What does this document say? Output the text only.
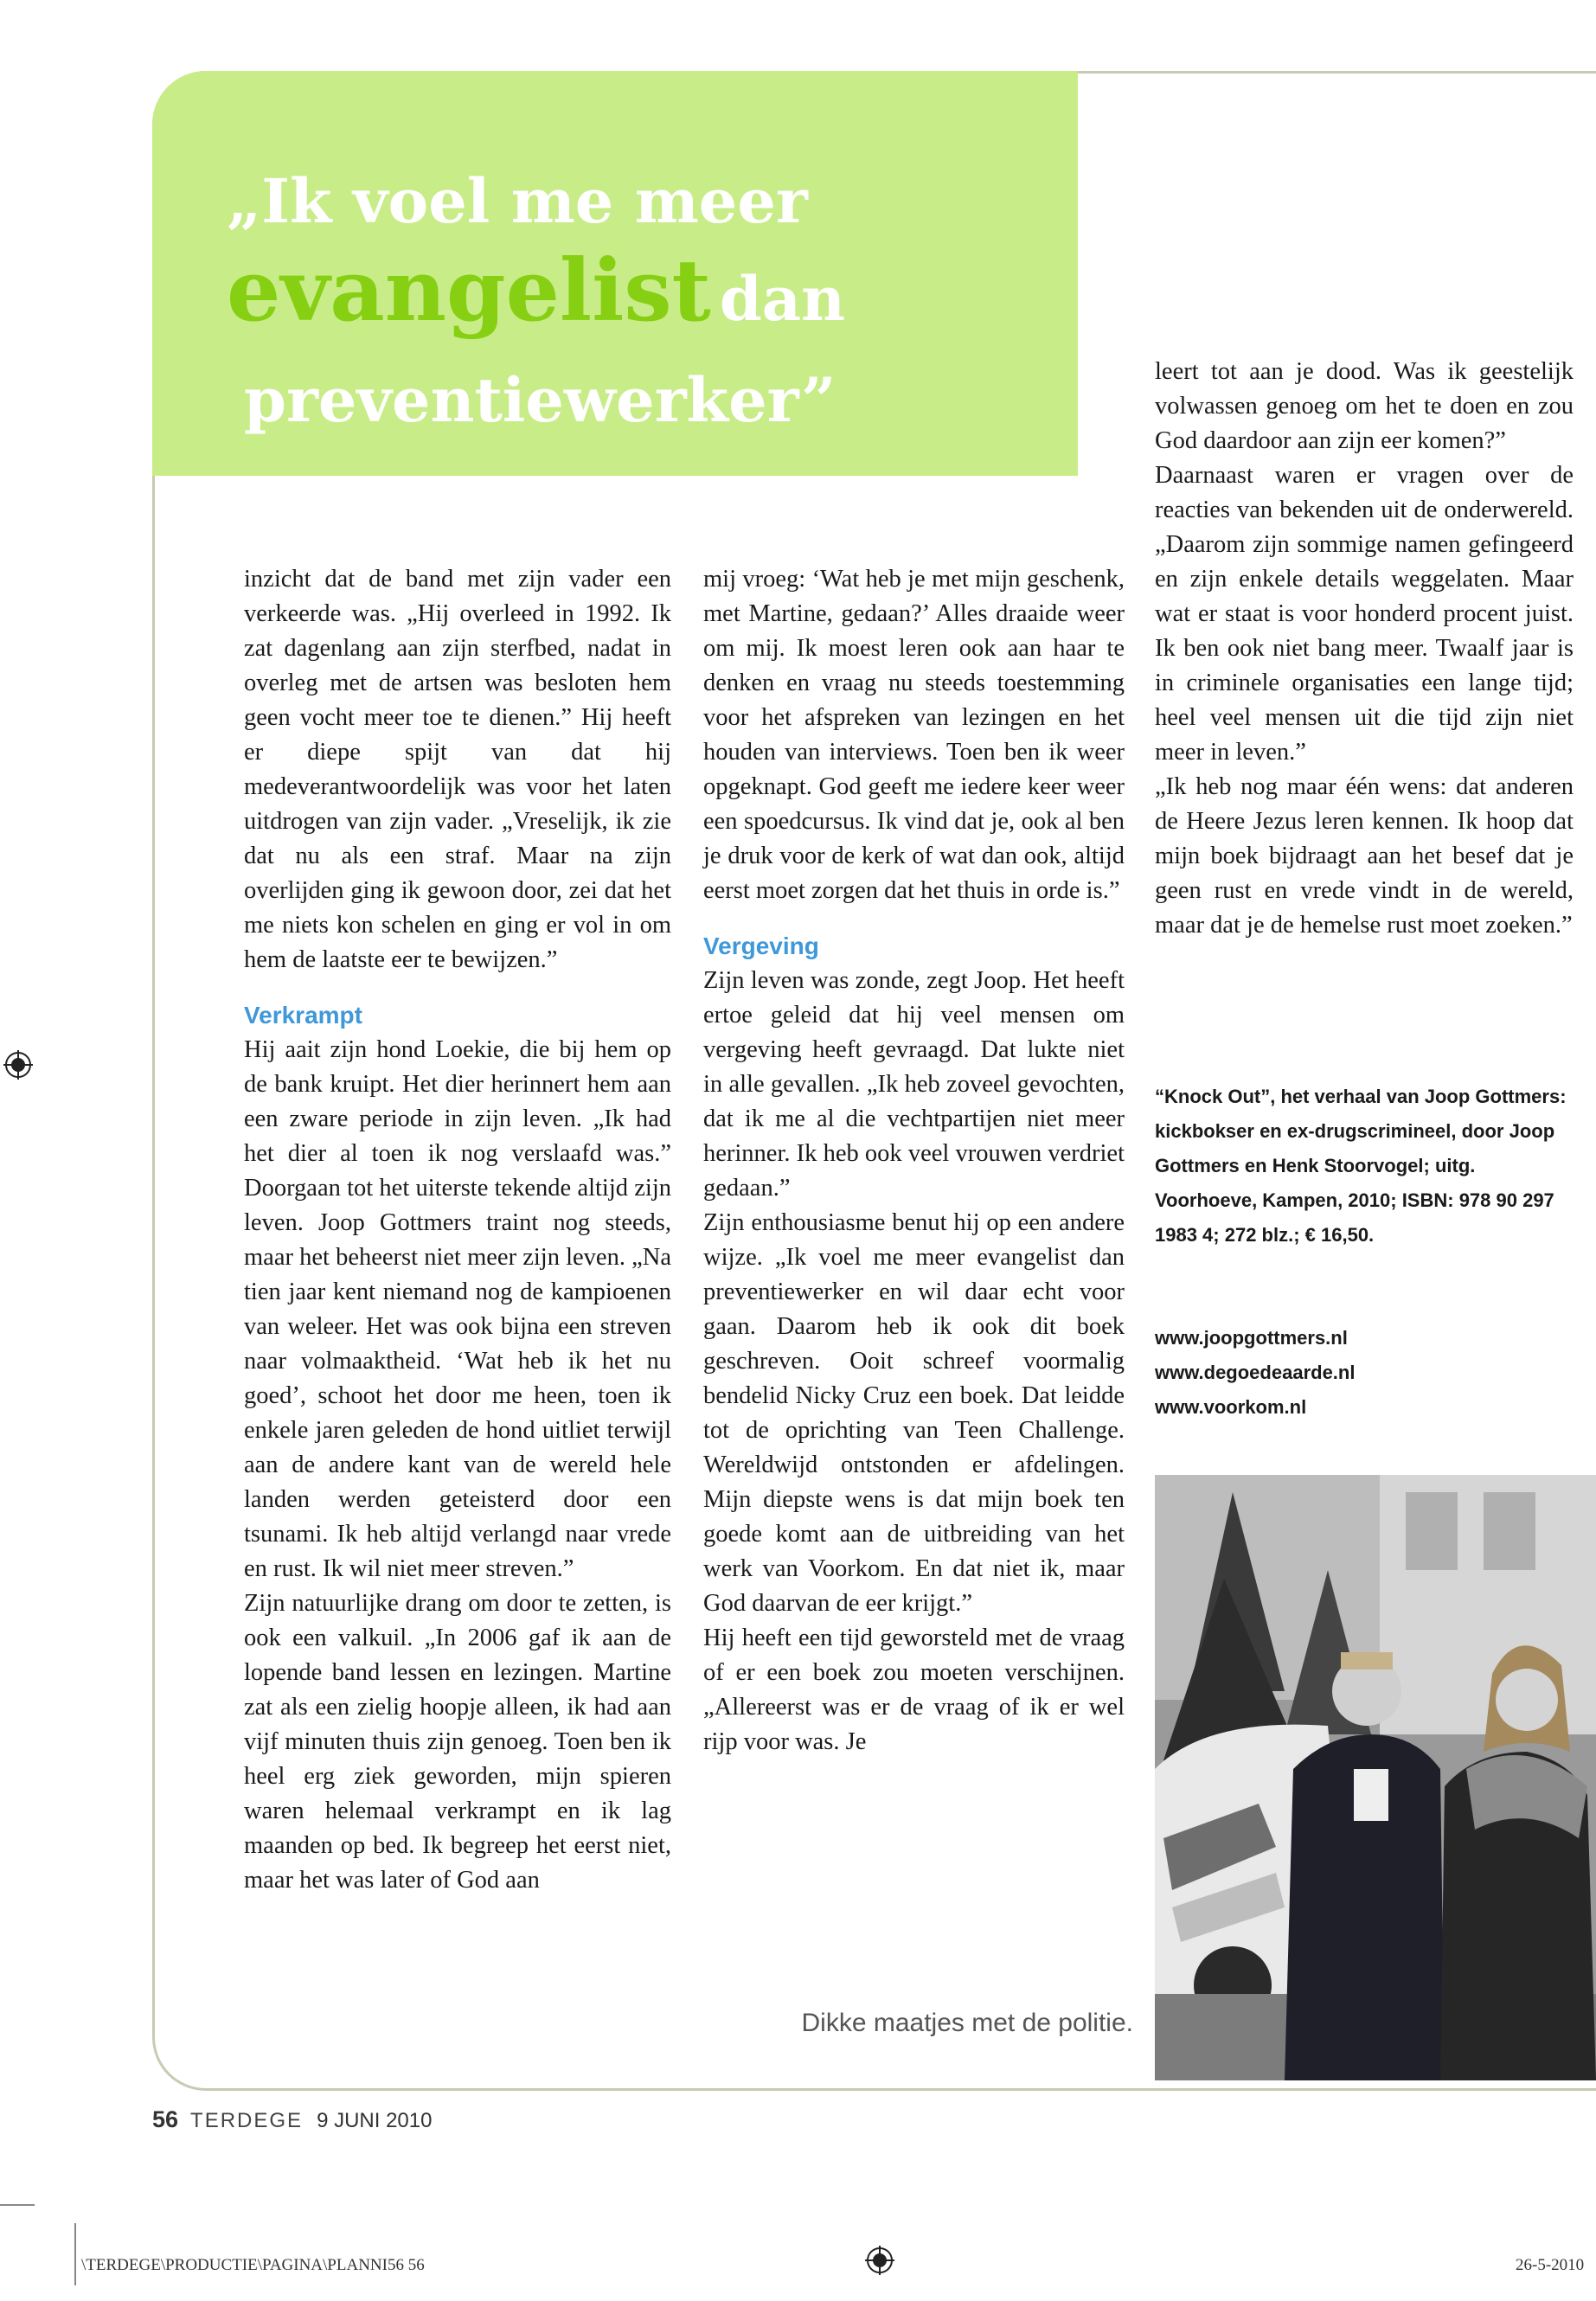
„Ik voel me meer
evangelist dan
preventiewerker”

inzicht dat de band met zijn vader een verkeerde was. „Hij overleed in 1992. Ik zat dagenlang aan zijn sterfbed, nadat in overleg met de artsen was besloten hem geen vocht meer toe te dienen.” Hij heeft er diepe spijt van dat hij medeverantwoordelijk was voor het laten uitdrogen van zijn vader. „Vreselijk, ik zie dat nu als een straf. Maar na zijn overlijden ging ik gewoon door, zei dat het me niets kon schelen en ging er vol in om hem de laatste eer te bewijzen.”

Verkrampt

Hij aait zijn hond Loekie, die bij hem op de bank kruipt. Het dier herinnert hem aan een zware periode in zijn leven. „Ik had het dier al toen ik nog verslaafd was.” Doorgaan tot het uiterste tekende altijd zijn leven. Joop Gottmers traint nog steeds, maar het beheerst niet meer zijn leven. „Na tien jaar kent niemand nog de kampioenen van weleer. Het was ook bijna een streven naar volmaaktheid. ‘Wat heb ik het nu goed’, schoot het door me heen, toen ik enkele jaren geleden de hond uitliet terwijl aan de andere kant van de wereld hele landen werden geteisterd door een tsunami. Ik heb altijd verlangd naar vrede en rust. Ik wil niet meer streven.”

Zijn natuurlijke drang om door te zetten, is ook een valkuil. „In 2006 gaf ik aan de lopende band lessen en lezingen. Martine zat als een zielig hoopje alleen, ik had aan vijf minuten thuis zijn genoeg. Toen ben ik heel erg ziek geworden, mijn spieren waren helemaal verkrampt en ik lag maanden op bed. Ik begreep het eerst niet, maar het was later of God aan

mij vroeg: ‘Wat heb je met mijn geschenk, met Martine, gedaan?’ Alles draaide weer om mij. Ik moest leren ook aan haar te denken en vraag nu steeds toestemming voor het afspreken van lezingen en het houden van interviews. Toen ben ik weer opgeknapt. God geeft me iedere keer weer een spoedcursus. Ik vind dat je, ook al ben je druk voor de kerk of wat dan ook, altijd eerst moet zorgen dat het thuis in orde is.”

Vergeving

Zijn leven was zonde, zegt Joop. Het heeft ertoe geleid dat hij veel mensen om vergeving heeft gevraagd. Dat lukte niet in alle gevallen. „Ik heb zoveel gevochten, dat ik me al die vechtpartijen niet meer herinner. Ik heb ook veel vrouwen verdriet gedaan.”

Zijn enthousiasme benut hij op een andere wijze. „Ik voel me meer evangelist dan preventiewerker en wil daar echt voor gaan. Daarom heb ik ook dit boek geschreven. Ooit schreef voormalig bendelid Nicky Cruz een boek. Dat leidde tot de oprichting van Teen Challenge. Wereldwijd ontstonden er afdelingen. Mijn diepste wens is dat mijn boek ten goede komt aan de uitbreiding van het werk van Voorkom. En dat niet ik, maar God daarvan de eer krijgt.”

Hij heeft een tijd geworsteld met de vraag of er een boek zou moeten verschijnen. „Allereerst was er de vraag of ik er wel rijp voor was. Je

leert tot aan je dood. Was ik geestelijk volwassen genoeg om het te doen en zou God daardoor aan zijn eer komen?”

Daarnaast waren er vragen over de reacties van bekenden uit de onderwereld. „Daarom zijn sommige namen gefingeerd en zijn enkele details weggelaten. Maar wat er staat is voor honderd procent juist. Ik ben ook niet bang meer. Twaalf jaar is in criminele organisaties een lange tijd; heel veel mensen uit die tijd zijn niet meer in leven.”

„Ik heb nog maar één wens: dat anderen de Heere Jezus leren kennen. Ik hoop dat mijn boek bijdraagt aan het besef dat je geen rust en vrede vindt in de wereld, maar dat je de hemelse rust moet zoeken.”

“Knock Out”, het verhaal van Joop Gottmers: kickbokser en ex-drugscrimineel, door Joop Gottmers en Henk Stoorvogel; uitg. Voorhoeve, Kampen, 2010; ISBN: 978 90 297 1983 4; 272 blz.; € 16,50.
www.joopgottmers.nl
www.degoedeaarde.nl
www.voorkom.nl
Dikke maatjes met de politie.
56 TERDEGE 9 JUNI 2010
\TERDEGE\PRODUCTIE\PAGINA\PLANNI56 56	26-5-2010
